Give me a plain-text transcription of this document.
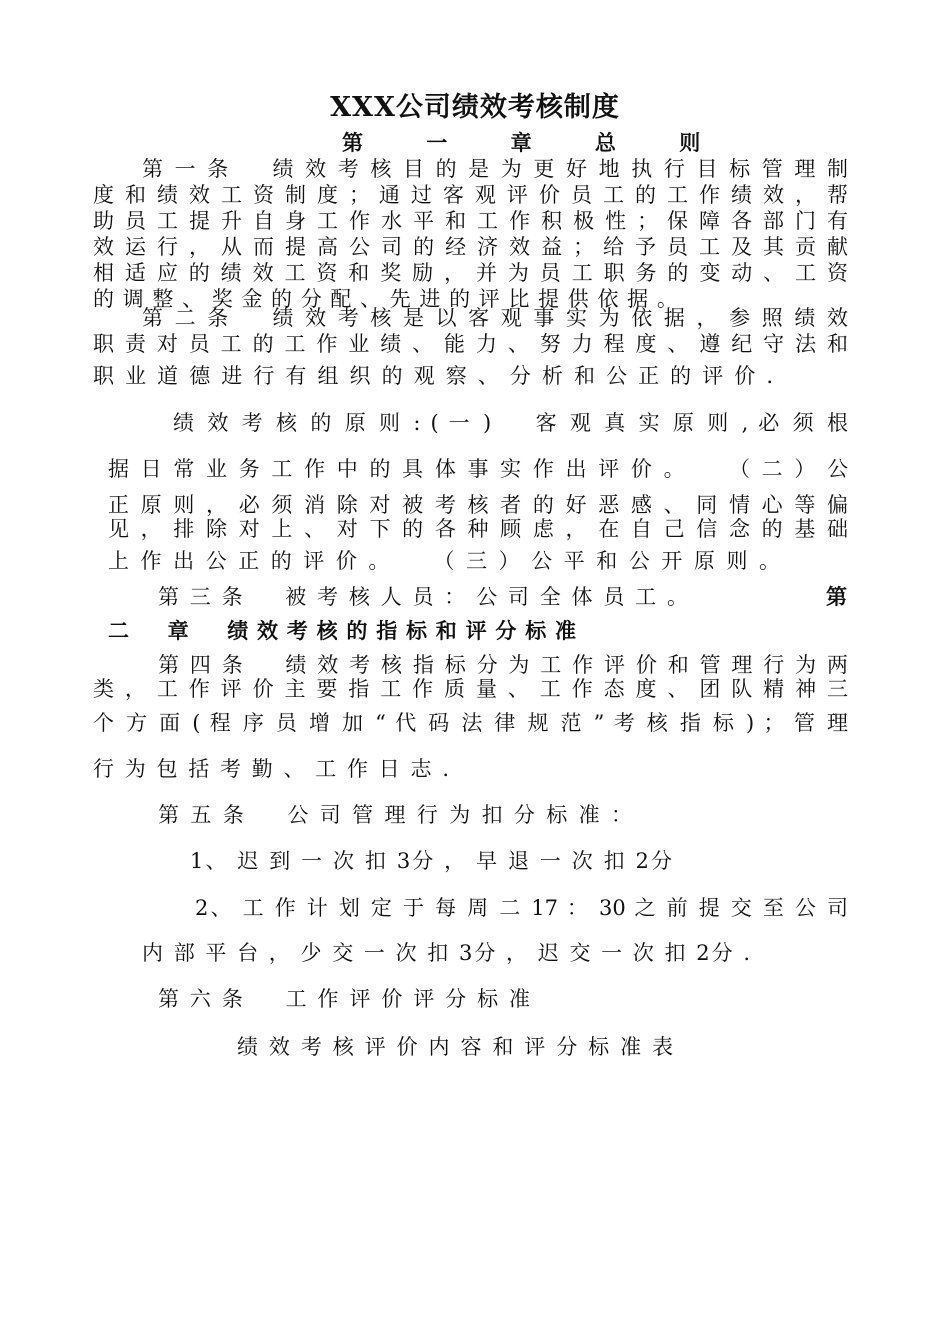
XXX公司绩效考核制度
第 一 章 总 则
第 一 条 　 绩 效 考 核 目 的 是 为 更 好 地 执 行 目 标 管 理 制
度 和 绩 效 工 资 制 度 ； 通 过 客 观 评 价 员 工 的 工 作 绩 效 ， 帮
助 员 工 提 升 自 身 工 作 水 平 和 工 作 积 极 性 ； 保 障 各 部 门 有
效 运 行 ， 从 而 提 高 公 司 的 经 济 效 益 ； 给 予 员 工 及 其 贡 献
相 适 应 的 绩 效 工 资 和 奖 励 ， 并 为 员 工 职 务 的 变 动 、 工 资
的 调 整 、 奖 金 的 分 配 、 先 进 的 评 比 提 供 依 据 。
第 二 条 　 绩 效 考 核 是 以 客 观 事 实 为 依 据 ， 参 照 绩 效
职 责 对 员 工 的 工 作 业 绩 、 能 力 、 努 力 程 度 、 遵 纪 守 法 和
职 业 道 德 进 行 有 组 织 的 观 察 、 分 析 和 公 正 的 评 价 .
绩 效 考 核 的 原 则 : ( 一 ) 　 客 观 真 实 原 则 , 必 须 根
据 日 常 业 务 工 作 中 的 具 体 事 实 作 出 评 价 。 　 （ 二 ） 公
正 原 则 ， 必 须 消 除 对 被 考 核 者 的 好 恶 感 、 同 情 心 等 偏
见 ， 排 除 对 上 、 对 下 的 各 种 顾 虑 ， 在 自 己 信 念 的 基 础
上 作 出 公 正 的 评 价 。 　 （ 三 ） 公 平 和 公 开 原 则 。
第 三 条 　 被 考 核 人 员 ： 公 司 全 体 员 工 。	第
二 　 章 　 绩 效 考 核 的 指 标 和 评 分 标 准
第 四 条 　 绩 效 考 核 指 标 分 为 工 作 评 价 和 管 理 行 为 两
类 ， 工 作 评 价 主 要 指 工 作 质 量 、 工 作 态 度 、 团 队 精 神 三
个 方 面 ( 程 序 员 增 加 “ 代 码 法 律 规 范 ” 考 核 指 标 ) ； 管 理
行 为 包 括 考 勤 、 工 作 日 志 .
第 五 条 　 公 司 管 理 行 为 扣 分 标 准 ：
1、 迟 到 一 次 扣 3分 ， 早 退 一 次 扣 2分
2、 工 作 计 划 定 于 每 周 二 17 ： 30 之 前 提 交 至 公 司
内 部 平 台 ， 少 交 一 次 扣 3分 ， 迟 交 一 次 扣 2分 .
第 六 条 　 工 作 评 价 评 分 标 准
绩 效 考 核 评 价 内 容 和 评 分 标 准 表
